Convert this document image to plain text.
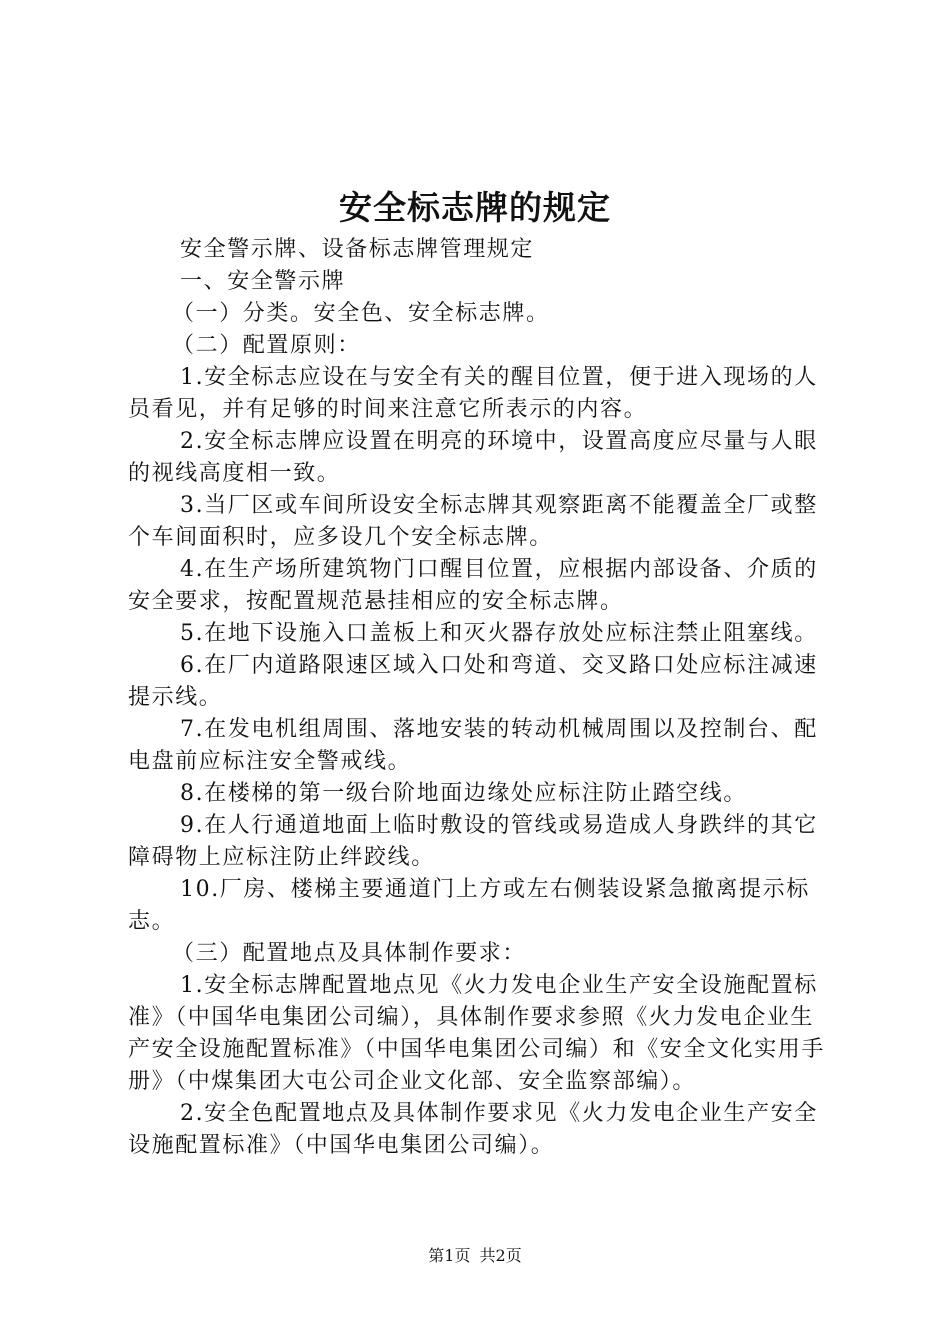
安全标志牌的规定

安全警示牌、设备标志牌管理规定

一、安全警示牌

（一）分类。安全色、安全标志牌。

（二）配置原则：

1.安全标志应设在与安全有关的醒目位置，便于进入现场的人员看见，并有足够的时间来注意它所表示的内容。

2.安全标志牌应设置在明亮的环境中，设置高度应尽量与人眼的视线高度相一致。

3.当厂区或车间所设安全标志牌其观察距离不能覆盖全厂或整个车间面积时，应多设几个安全标志牌。

4.在生产场所建筑物门口醒目位置，应根据内部设备、介质的安全要求，按配置规范悬挂相应的安全标志牌。

5.在地下设施入口盖板上和灭火器存放处应标注禁止阻塞线。

6.在厂内道路限速区域入口处和弯道、交叉路口处应标注减速提示线。

7.在发电机组周围、落地安装的转动机械周围以及控制台、配电盘前应标注安全警戒线。

8.在楼梯的第一级台阶地面边缘处应标注防止踏空线。

9.在人行通道地面上临时敷设的管线或易造成人身跌绊的其它障碍物上应标注防止绊跤线。

10.厂房、楼梯主要通道门上方或左右侧装设紧急撤离提示标志。

（三）配置地点及具体制作要求：

1.安全标志牌配置地点见《火力发电企业生产安全设施配置标准》（中国华电集团公司编），具体制作要求参照《火力发电企业生产安全设施配置标准》（中国华电集团公司编）和《安全文化实用手册》（中煤集团大屯公司企业文化部、安全监察部编）。

2.安全色配置地点及具体制作要求见《火力发电企业生产安全设施配置标准》（中国华电集团公司编）。

第1页 共2页
